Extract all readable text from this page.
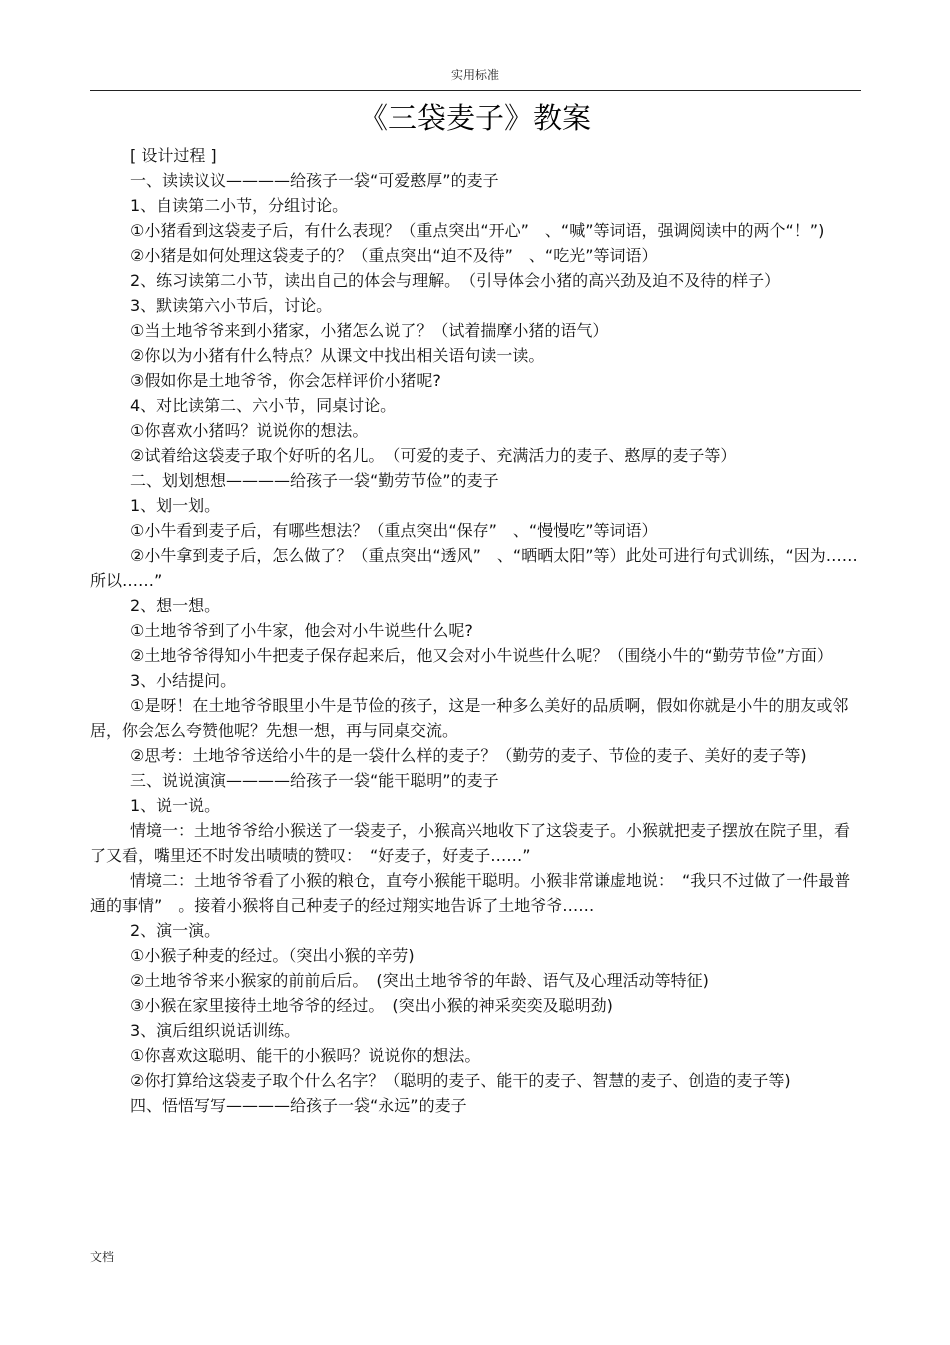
实用标准
《三袋麦子》教案

[ 设计过程 ]

一、读读议议————给孩子一袋“可爱憨厚”的麦子

1、自读第二小节，分组讨论。

①小猪看到这袋麦子后，有什么表现？（重点突出“开心”　、“喊”等词语，强调阅读中的两个“！”)

②小猪是如何处理这袋麦子的？（重点突出“迫不及待”　、“吃光”等词语）

2、练习读第二小节，读出自己的体会与理解。　（引导体会小猪的高兴劲及迫不及待的样子）

3、默读第六小节后，讨论。

①当土地爷爷来到小猪家，小猪怎么说了？（试着揣摩小猪的语气）

②你以为小猪有什么特点？从课文中找出相关语句读一读。

③假如你是土地爷爷，你会怎样评价小猪呢?

4、对比读第二、六小节，同桌讨论。

①你喜欢小猪吗？说说你的想法。

②试着给这袋麦子取个好听的名儿。　（可爱的麦子、充满活力的麦子、憨厚的麦子等）

二、划划想想————给孩子一袋“勤劳节俭”的麦子

1、划一划。

①小牛看到麦子后，有哪些想法？（重点突出“保存”　、“慢慢吃”等词语）

②小牛拿到麦子后，怎么做了？（重点突出“透风”　、“晒晒太阳”等）此处可进行句式训练，“因为……所以……”

2、想一想。

①土地爷爷到了小牛家，他会对小牛说些什么呢?

②土地爷爷得知小牛把麦子保存起来后，他又会对小牛说些什么呢？（围绕小牛的“勤劳节俭”方面）

3、小结提问。

①是呀！在土地爷爷眼里小牛是节俭的孩子，这是一种多么美好的品质啊，假如你就是小牛的朋友或邻居，你会怎么夸赞他呢？先想一想，再与同桌交流。

②思考：土地爷爷送给小牛的是一袋什么样的麦子？（勤劳的麦子、节俭的麦子、美好的麦子等)

三、说说演演————给孩子一袋“能干聪明”的麦子

1、说一说。

情境一：土地爷爷给小猴送了一袋麦子，小猴高兴地收下了这袋麦子。小猴就把麦子摆放在院子里，看了又看，嘴里还不时发出啧啧的赞叹：　“好麦子，好麦子……”

情境二：土地爷爷看了小猴的粮仓，直夸小猴能干聪明。小猴非常谦虚地说：　“我只不过做了一件最普通的事情”　。接着小猴将自己种麦子的经过翔实地告诉了土地爷爷……

2、演一演。

①小猴子种麦的经过。（突出小猴的辛劳)

②土地爷爷来小猴家的前前后后。　(突出土地爷爷的年龄、语气及心理活动等特征)

③小猴在家里接待土地爷爷的经过。　(突出小猴的神采奕奕及聪明劲)

3、演后组织说话训练。

①你喜欢这聪明、能干的小猴吗？说说你的想法。

②你打算给这袋麦子取个什么名字？（聪明的麦子、能干的麦子、智慧的麦子、创造的麦子等)

四、悟悟写写————给孩子一袋“永远”的麦子

文档
